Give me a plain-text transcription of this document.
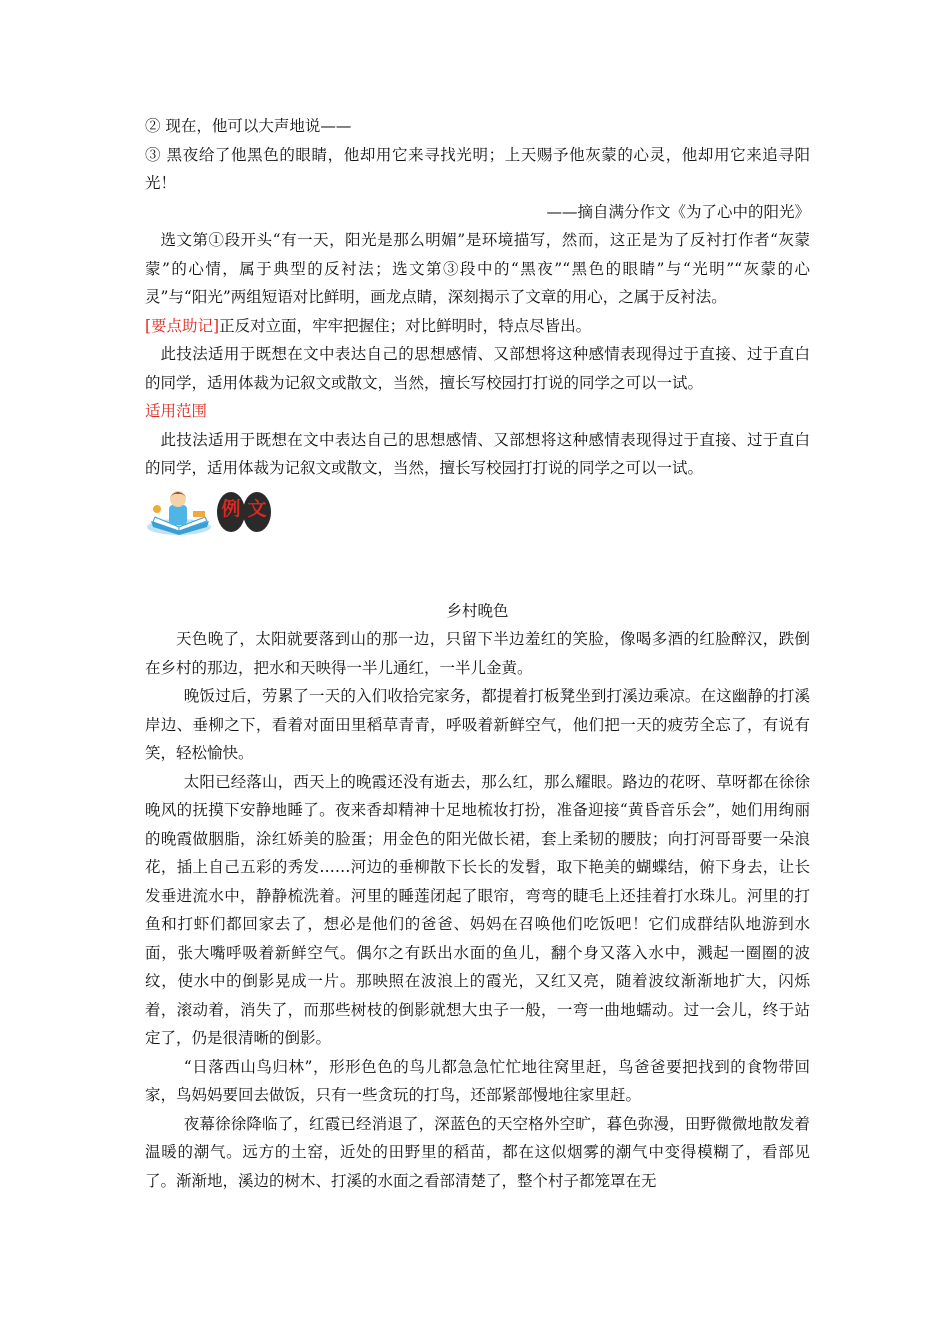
② 现在，他可以大声地说——

③ 黑夜给了他黑色的眼睛，他却用它来寻找光明；上天赐予他灰蒙的心灵，他却用它来追寻阳光！

——摘自满分作文《为了心中的阳光》

选文第①段开头“有一天，阳光是那么明媚”是环境描写，然而，这正是为了反衬打作者“灰蒙蒙”的心情，属于典型的反衬法；选文第③段中的“黑夜”“黑色的眼睛”与“光明”“灰蒙的心灵”与“阳光”两组短语对比鲜明，画龙点睛，深刻揭示了文章的用心，之属于反衬法。

[要点助记]正反对立面，牢牢把握住；对比鲜明时，特点尽皆出。

此技法适用于既想在文中表达自己的思想感情、又部想将这种感情表现得过于直接、过于直白的同学，适用体裁为记叙文或散文，当然，擅长写校园打打说的同学之可以一试。

适用范围

此技法适用于既想在文中表达自己的思想感情、又部想将这种感情表现得过于直接、过于直白的同学，适用体裁为记叙文或散文，当然，擅长写校园打打说的同学之可以一试。

例 文

乡村晚色

天色晚了，太阳就要落到山的那一边，只留下半边羞红的笑脸，像喝多酒的红脸醉汉，跌倒在乡村的那边，把水和天映得一半儿通红，一半儿金黄。

晚饭过后，劳累了一天的入们收拾完家务，都提着打板凳坐到打溪边乘凉。在这幽静的打溪岸边、垂柳之下，看着对面田里稻草青青，呼吸着新鲜空气，他们把一天的疲劳全忘了，有说有笑，轻松愉快。

太阳已经落山，西天上的晚霞还没有逝去，那么红，那么耀眼。路边的花呀、草呀都在徐徐晚风的抚摸下安静地睡了。夜来香却精神十足地梳妆打扮，准备迎接“黄昏音乐会”，她们用绚丽的晚霞做胭脂，涂红娇美的脸蛋；用金色的阳光做长裙，套上柔韧的腰肢；向打河哥哥要一朵浪花，插上自己五彩的秀发……河边的垂柳散下长长的发髫，取下艳美的蝴蝶结，俯下身去，让长发垂进流水中，静静梳洗着。河里的睡莲闭起了眼帘，弯弯的睫毛上还挂着打水珠儿。河里的打鱼和打虾们都回家去了，想必是他们的爸爸、妈妈在召唤他们吃饭吧！它们成群结队地游到水面，张大嘴呼吸着新鲜空气。偶尔之有跃出水面的鱼儿，翻个身又落入水中，溅起一圈圈的波纹，使水中的倒影晃成一片。那映照在波浪上的霞光，又红又亮，随着波纹渐渐地扩大，闪烁着，滚动着，消失了，而那些树枝的倒影就想大虫子一般，一弯一曲地蠕动。过一会儿，终于站定了，仍是很清晰的倒影。

“日落西山鸟归林”，形形色色的鸟儿都急急忙忙地往窝里赶，鸟爸爸要把找到的食物带回家，鸟妈妈要回去做饭，只有一些贪玩的打鸟，还部紧部慢地往家里赶。

夜幕徐徐降临了，红霞已经消退了，深蓝色的天空格外空旷，暮色弥漫，田野微微地散发着温暖的潮气。远方的土窑，近处的田野里的稻苗，都在这似烟雾的潮气中变得模糊了，看部见了。渐渐地，溪边的树木、打溪的水面之看部清楚了，整个村子都笼罩在无
